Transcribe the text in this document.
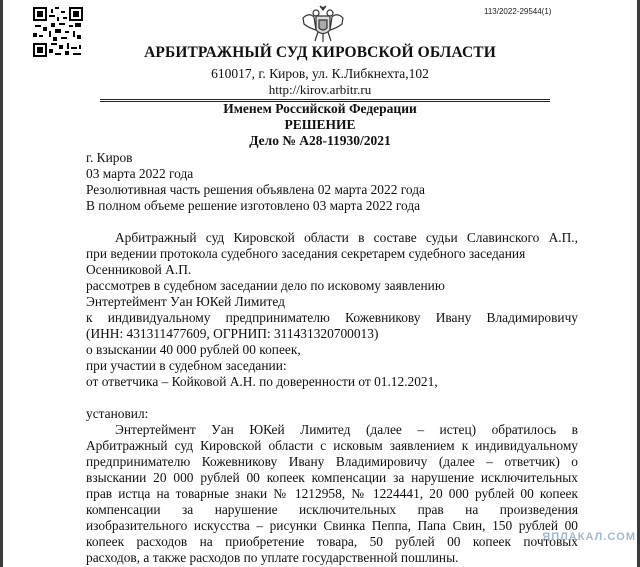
113/2022-29544(1)
АРБИТРАЖНЫЙ СУД КИРОВСКОЙ ОБЛАСТИ
610017, г. Киров, ул. К.Либкнехта,102
http://kirov.arbitr.ru
Именем Российской Федерации
РЕШЕНИЕ
Дело № А28-11930/2021
г. Киров
03 марта 2022 года
Резолютивная часть решения объявлена 02 марта 2022 года
В полном объеме решение изготовлено 03 марта 2022 года
Арбитражный суд Кировской области в составе судьи Славинского А.П.,
при ведении протокола судебного заседания секретарем судебного заседания
Осенниковой А.П.
рассмотрев в судебном заседании дело по исковому заявлению
Энтертеймент Уан ЮКей Лимитед
к индивидуальному предпринимателю Кожевникову Ивану Владимировичу
(ИНН: 431311477609, ОГРНИП: 311431320700013)
о взыскании 40 000 рублей 00 копеек,
при участии в судебном заседании:
от ответчика – Койковой А.Н. по доверенности от 01.12.2021,
установил:
Энтертеймент Уан ЮКей Лимитед (далее – истец) обратилось в
Арбитражный суд Кировской области с исковым заявлением к индивидуальному
предпринимателю Кожевникову Ивану Владимировичу (далее – ответчик) о
взыскании 20 000 рублей 00 копеек компенсации за нарушение исключительных
прав истца на товарные знаки № 1212958, № 1224441, 20 000 рублей 00 копеек
компенсации за нарушение исключительных прав на произведения
изобразительного искусства – рисунки Свинка Пеппа, Папа Свин, 150 рублей 00
копеек расходов на приобретение товара, 50 рублей 00 копеек почтовых
расходов, а также расходов по уплате государственной пошлины.
ЯПЛАКАЛ.COM
